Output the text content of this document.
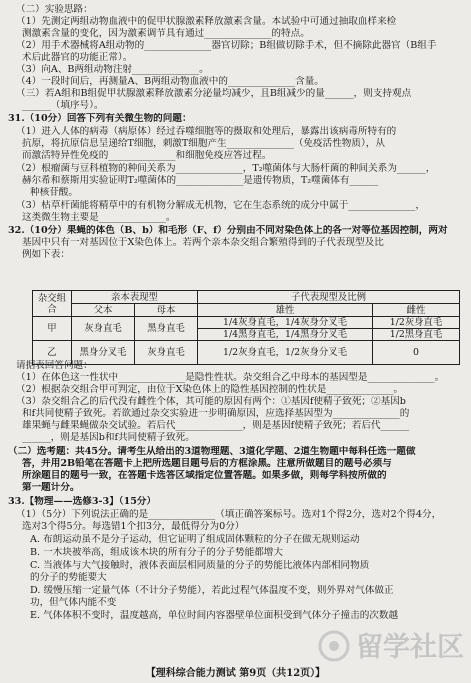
（二）实验思路：
（1）先测定两组动物血液中的促甲状腺激素释放激素含量。本试验中可通过抽取血样来检
测激素含量的变化，因为激素调节具有通过______________的特点。
（2）用手术器械将A组动物的______________器官切除；B组做切除手术，但不摘除此器官（B组手
术后此器官的功能正常）。
（3）向A、B两组动物注射______________。
（4）一段时间后，再测量A、B两组动物血液中的______________含量。
（三）若A组和B组促甲状腺激素释放激素分泌量均减少，且B组减少的量______，则支持观点
______（填序号）。
31.（10分）回答下列有关微生物的问题：
（1）进入人体的病毒（病原体）经过吞噬细胞等的摄取和处理后，暴露出该病毒所特有的
抗原，将抗原信息呈递给T细胞，刺激T细胞产生______________（免疫活性物质），从
而激活特异性免疫的______________和细胞免疫应答过程。
（2）根瘤菌与豆科植物的种间关系为______________，T₂噬菌体与大肠杆菌的种间关系为______，
赫尔希和蔡斯用实验证明T₂噬菌体的______________是遗传物质，T₂噬菌体有______
种核苷酸。
（3）枯草杆菌能将精草中的有机物分解成无机物，它在生态系统的成分中属于______________，
这类微生物主要是______________。
32.（10分）果蝇的体色（B、b）和毛形（F、f）分别由不同对染色体上的各一对等位基因控制，两对
基因中只有一对基因位于X染色体上。若两个亲本杂交组合繁殖得到的子代表现型及比
例如下表：
请据表回答问题：
（1）在体色这一性状中______________是隐性性状。杂交组合乙中母本的基因型是______________。
（2）根据杂交组合甲可判定，由位于X染色体上的隐性基因控制的性状是______________。
（3）杂交组合乙的后代没有雌性个体，其可能的原因有两个：①基因f使精子致死；②基因b
和f共同使精子致死。若欲通过杂交实验进一步明确原因，应选择基因型为______________的
雄果蝇与雌果蝇做杂交试验。若后代______________，则是基因f使精子致死；若后代______
______，则是基因b和f共同使精子致死。
（二）选考题：共45分。请考生从给出的3道物理题、3道化学题、2道生物题中每科任选一题做
答，并用2B铅笔在答题卡上把所选题目题号后的方框涂黑。注意所做题目的题号必须与
所涂题目的题号一致，在答题卡选答区域指定位置答题。如果多做，则每学科按所做的
第一题计分。
33.【物理——选修3-3】（15分）
（1）（5分）下列说法正确的是______________（填正确答案标号。选对1个得2分，选对2个得4分，
选对3个得5分。每选错1个扣3分，最低得分为0分）
A. 布朗运动虽不是分子运动，但它证明了组成固体颗粒的分子在做无规则运动
B. 一木块被举高，组成该木块的所有分子的分子势能都增大
C. 当液体与大气接触时，液体表面层相同质量的分子的势能比液体内部相同物质
的分子的势能要大
D. 缓慢压缩一定量气体（不计分子势能），若此过程气体温度不变，则外界对气体做正
功，但气体内能不变
E. 气体体积不变时，温度越高，单位时间内容器壁单位面积受到气体分子撞击的次数越
杂交组合	亲本表现型		子代表现型及比例	
	父本	母本	雄性	雌性
甲	灰身直毛	黑身直毛	1/4灰身直毛，1/4灰身分叉毛	1/2灰身直毛
			1/4黑身直毛，1/4黑身分叉毛	1/2黑身直毛
乙	黑身分叉毛	灰身直毛	1/2灰身直毛，1/2灰身分叉毛	0

留学社区
【理科综合能力测试 第9页（共12页）】
